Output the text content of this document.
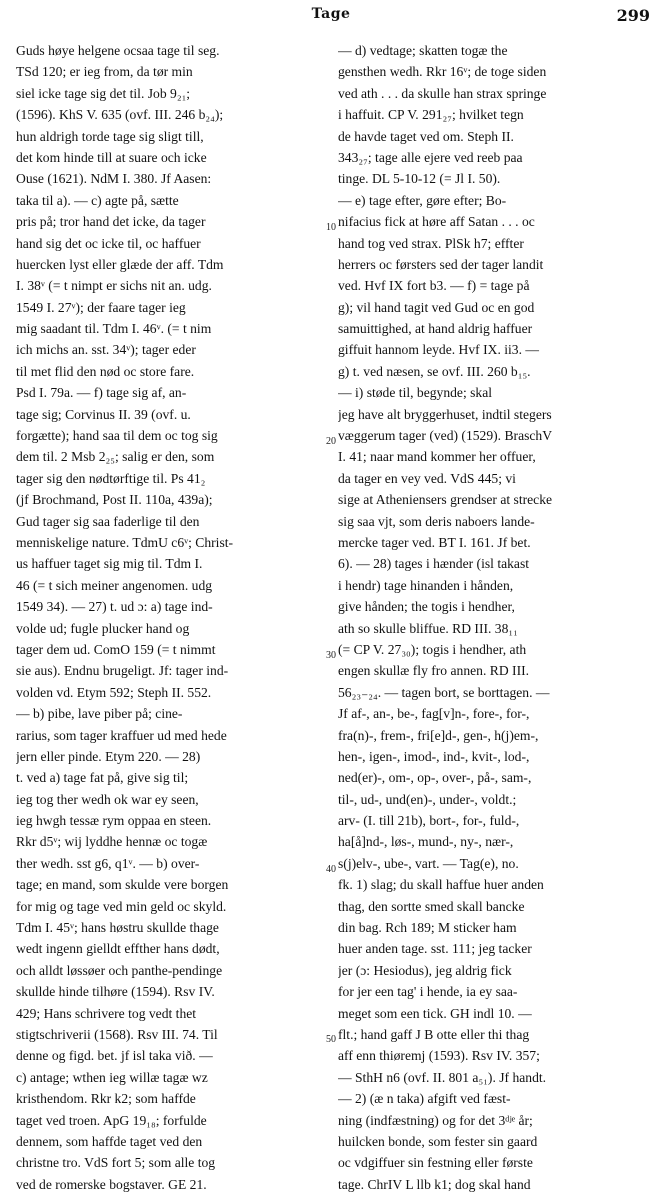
Tage	299
Guds høye helgene ocsaa tage til seg.
TSd 120; er ieg from, da tør min
siel icke tage sig det til. Job 9₂₁;
(1596). KhS V. 635 (ovf. III. 246 b₂₄);
hun aldrigh torde tage sig sligt till,
det kom hinde till at suare och icke
Ouse (1621). NdM I. 380. Jf Aasen:
taka til a). — c) agte på, sætte
pris på; tror hand det icke, da tager
hand sig det oc icke til, oc haffuer
huercken lyst eller glæde der aff. Tdm
I. 38ᵛ (= t nimpt er sichs nit an. udg.
1549 I. 27ᵛ); der faare tager ieg
mig saadant til. Tdm I. 46ᵛ. (= t nim
ich michs an. sst. 34ᵛ); tager eder
til met flid den nød oc store fare.
Psd I. 79a. — f) tage sig af, an-
tage sig; Corvinus II. 39 (ovf. u.
forgætte); hand saa til dem oc tog sig
dem til. 2 Msb 2₂₅; salig er den, som
tager sig den nødtørftige til. Ps 41₂
(jf Brochmand, Post II. 110a, 439a);
Gud tager sig saa faderlige til den
menniskelige nature. TdmU c6ᵛ; Christ-
us haffuer taget sig mig til. Tdm I.
46 (= t sich meiner angenomen. udg
1549 34). — 27) t. ud ɔ: a) tage ind-
volde ud; fugle plucker hand og
tager dem ud. ComO 159 (= t nimmt
sie aus). Endnu brugeligt. Jf: tager ind-
volden vd. Etym 592; Steph II. 552.
— b) pibe, lave piber på; cine-
rarius, som tager kraffuer ud med hede
jern eller pinde. Etym 220. — 28)
t. ved a) tage fat på, give sig til;
ieg tog ther wedh ok war ey seen,
ieg hwgh tessæ rym oppaa en steen.
Rkr d5ᵛ; wij lyddhe hennæ oc togæ
ther wedh. sst g6, q1ᵛ. — b) over-
tage; en mand, som skulde vere borgen
for mig og tage ved min geld oc skyld.
Tdm I. 45ᵛ; hans høstru skullde thage
wedt ingenn gielldt effther hans dødt,
och alldt løssøer och panthe-pendinge
skullde hinde tilhøre (1594). Rsv IV.
429; Hans schrivere tog vedt thet
stigtschriverii (1568). Rsv III. 74. Til
denne og figd. bet. jf isl taka við. —
c) antage; wthen ieg willæ tagæ wz
kristhendom. Rkr k2; som haffde
taget ved troen. ApG 19₁₈; forfulde
dennem, som haffde taget ved den
christne tro. VdS fort 5; som alle tog
ved de romerske bogstaver. GE 21.
— d) vedtage; skatten togæ the
gensthen wedh. Rkr 16ᵛ; de toge siden
ved ath . . . da skulle han strax springe
i haffuit. CP V. 291₂₇; hvilket tegn
de havde taget ved om. Steph II.
343₂₇; tage alle ejere ved reeb paa
tinge. DL 5-10-12 (= Jl I. 50).
— e) tage efter, gøre efter; Bo-
nifacius fick at høre aff Satan . . . oc
hand tog ved strax. PlSk h7; effter
herrers oc førsters sed der tager landit
ved. Hvf IX fort b3. — f) = tage på
g); vil hand tagit ved Gud oc en god
samuittighed, at hand aldrig haffuer
giffuit hannom leyde. Hvf IX. ii3. —
g) t. ved næsen, se ovf. III. 260 b₁₅.
— i) støde til, begynde; skal
jeg have alt bryggerhuset, indtil stegers
væggerum tager (ved) (1529). BraschV
I. 41; naar mand kommer her offuer,
da tager en vey ved. VdS 445; vi
sige at Atheniensers grendser at strecke
sig saa vjt, som deris naboers lande-
mercke tager ved. BT I. 161. Jf bet.
6). — 28) tages i hænder (isl takast
i hendr) tage hinanden i hånden,
give hånden; the togis i hendher,
ath so skulle bliffue. RD III. 38₁₁
(= CP V. 27₃₀); togis i hendher, ath
engen skullæ fly fro annen. RD III.
56₂₃₋₂₄. — tagen bort, se borttagen. —
Jf af-, an-, be-, fag[v]n-, fore-, for-,
fra(n)-, frem-, fri[e]d-, gen-, h(j)em-,
hen-, igen-, imod-, ind-, kvit-, lod-,
ned(er)-, om-, op-, over-, på-, sam-,
til-, ud-, und(en)-, under-, voldt.;
arv- (I. till 21b), bort-, for-, fuld-,
ha[å]nd-, løs-, mund-, ny-, nær-,
s(j)elv-, ube-, vart. — Tag(e), no.
fk. 1) slag; du skall haffue huer anden
thag, den sortte smed skall bancke
din bag. Rch 189; M sticker ham
huer anden tage. sst. 111; jeg tacker
jer (ɔ: Hesiodus), jeg aldrig fick
for jer een tag' i hende, ia ey saa-
meget som een tick. GH indl 10. —
flt.; hand gaff J B otte eller thi thag
aff enn thiøremj (1593). Rsv IV. 357;
— SthH n6 (ovf. II. 801 a₅₁). Jf handt.
— 2) (æ n taka) afgift ved fæst-
ning (indfæstning) og for det 3ᵈʲᵉ år;
huilcken bonde, som fester sin gaard
oc vdgiffuer sin festning eller første
tage. ChrIV L llb k1; dog skal hand
10
20
30
40
50
